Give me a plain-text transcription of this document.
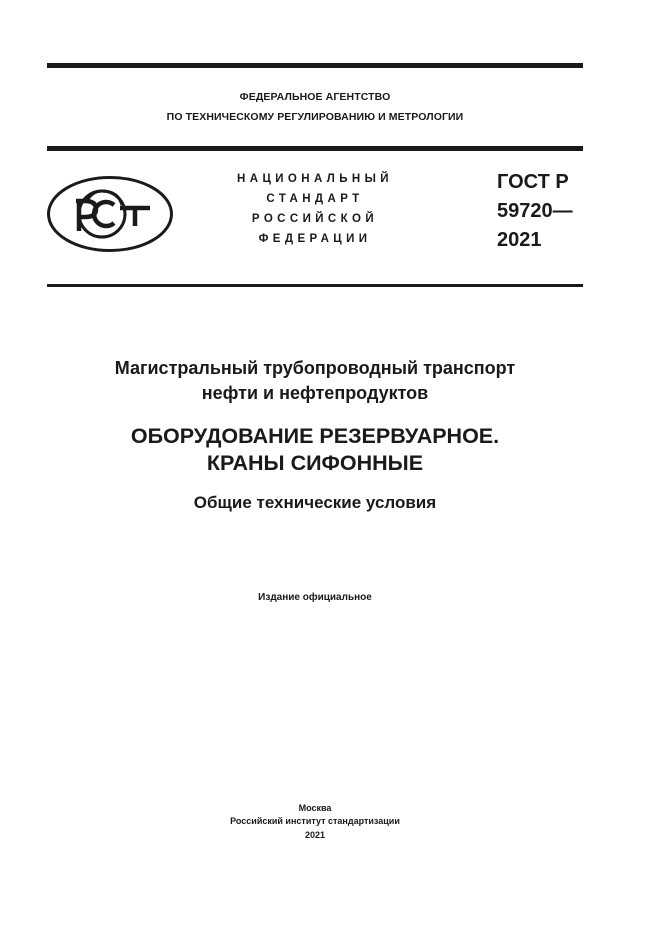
ФЕДЕРАЛЬНОЕ АГЕНТСТВО
ПО ТЕХНИЧЕСКОМУ РЕГУЛИРОВАНИЮ И МЕТРОЛОГИИ
НАЦИОНАЛЬНЫЙ
СТАНДАРТ
РОССИЙСКОЙ
ФЕДЕРАЦИИ
ГОСТ Р
59720—
2021
Магистральный трубопроводный транспорт
нефти и нефтепродуктов
ОБОРУДОВАНИЕ РЕЗЕРВУАРНОЕ.
КРАНЫ СИФОННЫЕ
Общие технические условия
Издание официальное
Москва
Российский институт стандартизации
2021
